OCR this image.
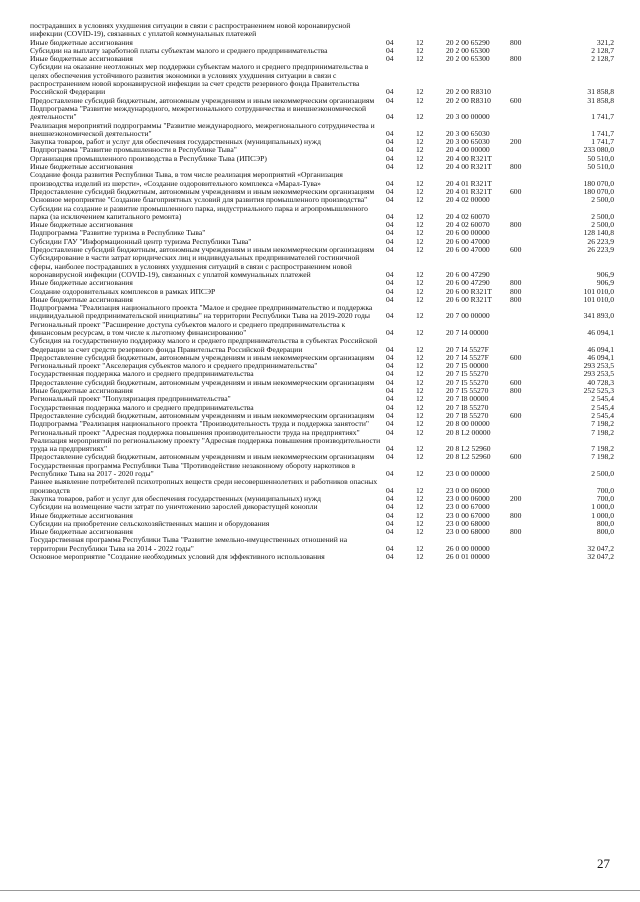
пострадавших в условиях ухудшения ситуации в связи с распространением новой коронавирусной инфекции (COVID-19), связанных с уплатой коммунальных платежей
Иные бюджетные ассигнования	04	12	20 2 00 65290	800	321,2
Субсидии на выплату заработной платы субъектам малого и среднего предпринимательства	04	12	20 2 00 65300	2 128,7
Иные бюджетные ассигнования	04	12	20 2 00 65300	800	2 128,7
Субсидии на оказание неотложных мер поддержки субъектам малого и среднего предпринимательства в целях обеспечения устойчивого развития экономики в условиях ухудшения ситуации в связи с распространением новой коронавирусной инфекции за счет средств резервного фонда Правительства Российской Федерации	04	12	20 2 00 R8310	31 858,8
Предоставление субсидий бюджетным, автономным учреждениям и иным некоммерческим организациям	04	12	20 2 00 R8310	600	31 858,8
Подпрограмма "Развитие международного, межрегионального сотрудничества и внешнеэкономической деятельности"	04	12	20 3 00 00000	1 741,7
Реализация мероприятий подпрограммы "Развитие международного, межрегионального сотрудничества и внешнеэкономической деятельности"	04	12	20 3 00 65030	1 741,7
Закупка товаров, работ и услуг для обеспечения государственных (муниципальных) нужд	04	12	20 3 00 65030	200	1 741,7
Подпрограмма "Развитие промышленности в Республике Тыва"	04	12	20 4 00 00000	233 080,0
Организация промышленного производства в Республике Тыва (ИПСЭР)	04	12	20 4 00 R321T	50 510,0
Иные бюджетные ассигнования	04	12	20 4 00 R321T	800	50 510,0
Создание фонда развития Республики Тыва, в том числе реализация мероприятий «Организация производства изделий из шерсти», «Создание оздоровительного комплекса «Марал-Тува»	04	12	20 4 01 R321T	180 070,0
Предоставление субсидий бюджетным, автономным учреждениям и иным некоммерческим организациям	04	12	20 4 01 R321T	600	180 070,0
Основное мероприятие "Создание благоприятных условий для развития промышленного производства"	04	12	20 4 02 00000	2 500,0
Субсидии на создание и развитие промышленного парка, индустриального парка и агропромышленного парка (за исключением капитального ремонта)	04	12	20 4 02 60070	2 500,0
Иные бюджетные ассигнования	04	12	20 4 02 60070	800	2 500,0
Подпрограмма "Развитие туризма в Республике Тыва"	04	12	20 6 00 00000	128 140,8
Субсидии ГАУ "Информационный центр туризма Республики Тыва"	04	12	20 6 00 47000	26 223,9
Предоставление субсидий бюджетным, автономным учреждениям и иным некоммерческим организациям	04	12	20 6 00 47000	600	26 223,9
Субсидирование в части затрат юридических лиц и индивидуальных предпринимателей гостиничной сферы, наиболее пострадавших в условиях ухудшения ситуаций в связи с распространением новой коронавирусной инфекции (COVID-19), связанных с уплатой коммунальных платежей	04	12	20 6 00 47290	906,9
Иные бюджетные ассигнования	04	12	20 6 00 47290	800	906,9
Создание оздоровительных комплексов в рамках ИПСЭР	04	12	20 6 00 R321T	800	101 010,0
Иные бюджетные ассигнования	04	12	20 6 00 R321T	800	101 010,0
Подпрограмма "Реализация национального проекта "Малое и среднее предпринимательство и поддержка индивидуальной предпринимательской инициативы" на территории Республики Тыва на 2019-2020 годы	04	12	20 7 00 00000	341 893,0
Региональный проект "Расширение доступа субъектов малого и среднего предпринимательства к финансовым ресурсам, в том числе к льготному финансированию"	04	12	20 7 I4 00000	46 094,1
Субсидия на государственную поддержку малого и среднего предпринимательства в субъектах Российской Федерации за счет средств резервного фонда Правительства Российской Федерации	04	12	20 7 I4 5527F	46 094,1
Предоставление субсидий бюджетным, автономным учреждениям и иным некоммерческим организациям	04	12	20 7 I4 5527F	600	46 094,1
Региональный проект "Акселерация субъектов малого и среднего предпринимательства"	04	12	20 7 I5 00000	293 253,5
Государственная поддержка малого и среднего предпринимательства	04	12	20 7 I5 55270	293 253,5
Предоставление субсидий бюджетным, автономным учреждениям и иным некоммерческим организациям	04	12	20 7 I5 55270	600	40 728,3
Иные бюджетные ассигнования	04	12	20 7 I5 55270	800	252 525,3
Региональный проект "Популяризация предпринимательства"	04	12	20 7 I8 00000	2 545,4
Государственная поддержка малого и среднего предпринимательства	04	12	20 7 I8 55270	2 545,4
Предоставление субсидий бюджетным, автономным учреждениям и иным некоммерческим организациям	04	12	20 7 I8 55270	600	2 545,4
Подпрограмма "Реализация национального проекта "Производительность труда и поддержка занятости"	04	12	20 8 00 00000	7 198,2
Региональный проект "Адресная поддержка повышения производительности труда на предприятиях"	04	12	20 8 L2 00000	7 198,2
Реализация мероприятий по региональному проекту "Адресная поддержка повышения производительности труда на предприятиях"	04	12	20 8 L2 52960	7 198,2
Предоставление субсидий бюджетным, автономным учреждениям и иным некоммерческим организациям	04	12	20 8 L2 52960	600	7 198,2
Государственная программа Республики Тыва "Противодействие незаконному обороту наркотиков в Республике Тыва на 2017 - 2020 годы"	04	12	23 0 00 00000	2 500,0
Раннее выявление потребителей психотропных веществ среди несовершеннолетних и работников опасных производств	04	12	23 0 00 06000	700,0
Закупка товаров, работ и услуг для обеспечения государственных (муниципальных) нужд	04	12	23 0 00 06000	200	700,0
Субсидии на возмещение части затрат по уничтожению зарослей дикорастущей конопли	04	12	23 0 00 67000	1 000,0
Иные бюджетные ассигнования	04	12	23 0 00 67000	800	1 000,0
Субсидии на приобретение сельскохозяйственных машин и оборудования	04	12	23 0 00 68000	800,0
Иные бюджетные ассигнования	04	12	23 0 00 68000	800	800,0
Государственная программа Республики Тыва "Развитие земельно-имущественных отношений на территории Республики Тыва на 2014 - 2022 годы"	04	12	26 0 00 00000	32 047,2
Основное мероприятие "Создание необходимых условий для эффективного использования	04	12	26 0 01 00000	32 047,2
27
